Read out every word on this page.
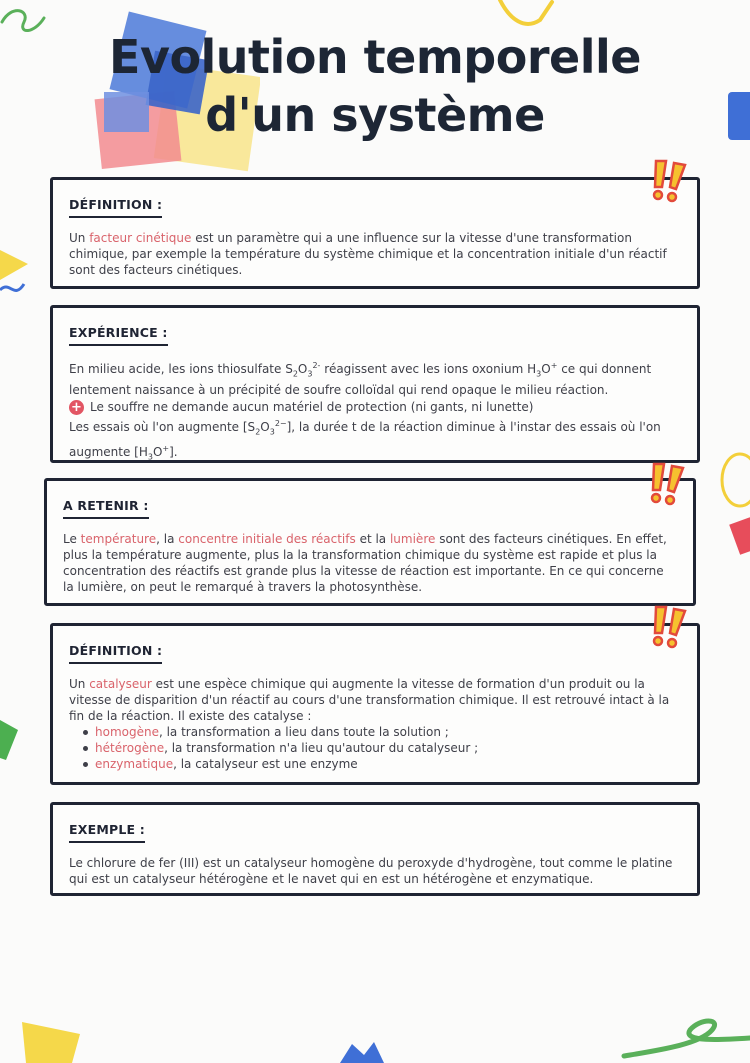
Evolution temporelle d'un système
DÉFINITION :
Un facteur cinétique est un paramètre qui a une influence sur la vitesse d'une transformation chimique, par exemple la température du système chimique et la concentration initiale d'un réactif sont des facteurs cinétiques.
EXPÉRIENCE :
En milieu acide, les ions thiosulfate $S_2O_3^{2-}$ réagissent avec les ions oxonium $H_3O^+$ ce qui donnent lentement naissance à un précipité de soufre colloïdal qui rend opaque le milieu réaction.
+ Le souffre ne demande aucun matériel de protection (ni gants, ni lunette)
Les essais où l'on augmente $[S_2O_3^{2-}]$, la durée t de la réaction diminue à l'instar des essais où l'on augmente $[H_3O^+]$.
A RETENIR :
Le température, la concentre initiale des réactifs et la lumière sont des facteurs cinétiques. En effet, plus la température augmente, plus la la transformation chimique du système est rapide et plus la concentration des réactifs est grande plus la vitesse de réaction est importante. En ce qui concerne la lumière, on peut le remarqué à travers la photosynthèse.
DÉFINITION :
Un catalyseur est une espèce chimique qui augmente la vitesse de formation d'un produit ou la vitesse de disparition d'un réactif au cours d'une transformation chimique. Il est retrouvé intact à la fin de la réaction. Il existe des catalyse :
homogène, la transformation a lieu dans toute la solution ;
hétérogène, la transformation n'a lieu qu'autour du catalyseur ;
enzymatique, la catalyseur est une enzyme
EXEMPLE :
Le chlorure de fer (III) est un catalyseur homogène du peroxyde d'hydrogène, tout comme le platine qui est un catalyseur hétérogène et le navet qui en est un hétérogène et enzymatique.
